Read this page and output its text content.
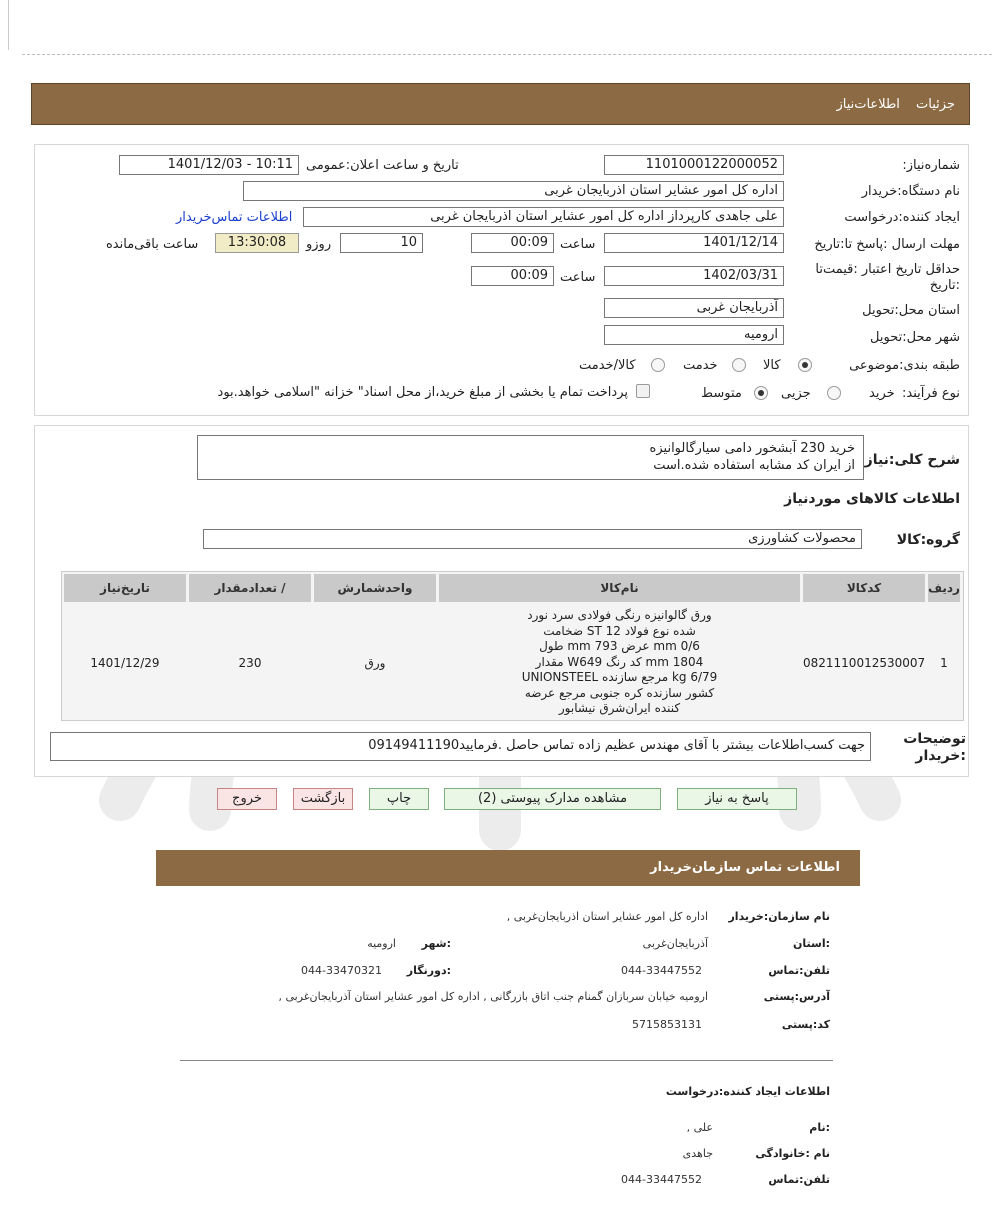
جزئیات اطلاعات‌نیاز
شماره‌نیاز:
1101000122000052
تاریخ و ساعت اعلان:عمومی
1401/12/03 - 10:11
نام دستگاه‌:خریدار
اداره کل امور عشایر استان اذربایجان غربی
ایجاد کننده:درخواست
علی جاهدی کارپرداز اداره کل امور عشایر استان اذربایجان غربی
اطلاعات تماس‌خریدار
مهلت ارسال :پاسخ تا:تاریخ
1401/12/14
ساعت
00:09
10
روزو
13:30:08
ساعت باقی‌مانده
حداقل تاریخ اعتبار :قیمت‌تا
:تاریخ
1402/03/31
ساعت
00:09
استان محل:تحویل
آذربایجان غربی
شهر محل:تحویل
ارومیه
طبقه بندی:موضوعی
کالا
خدمت
کالا/خدمت
نوع فرآیند:
خرید
جزیی
متوسط
پرداخت تمام یا بخشی از مبلغ خرید،از محل اسناد" خزانه "اسلامی خواهد.بود
شرح کلی:نیاز
خرید 230 آبشخور دامی سیارگالوانیزه
از ایران کد مشابه استفاده شده.است
اطلاعات کالاهای موردنیاز
گروه:کالا
محصولات کشاورزی
ردیف
کدکالا
نام‌کالا
واحدشمارش
تعدادمقدار /
تاریخ‌نیاز
1
0821110012530007
ورق گالوانیزه رنگی فولادی سرد نورد
شده نوع فولاد ST 12 ضخامت
0/6 mm عرض 793 mm طول
1804 mm کد رنگ W649 مقدار
6/79 kg مرجع سازنده UNIONSTEEL
کشور سازنده کره جنوبی مرجع عرضه
کننده ایران‌شرق نیشابور
ورق
230
1401/12/29
توضیحات
:خریدار
جهت کسب‌اطلاعات بیشتر با آقای مهندس عظیم زاده تماس حاصل .فرمایید09149411190
پاسخ به نیاز
مشاهده مدارک پیوستی (2)
چاپ
بازگشت
خروج
اطلاعات تماس سازمان‌خریدار
نام سازمان:خریدار
اداره کل امور عشایر استان اذربایجان‌غربی ,
:استان
آذربایجان‌غربی
:شهر
ارومیه
تلفن:تماس
044-33447552
:دورنگار
044-33470321
آدرس:پستی
ارومیه خیابان سربازان گمنام جنب اتاق بازرگانی , اداره کل امور عشایر استان آذربایجان‌غربی ,
کد:پستی
5715853131
اطلاعات ایجاد کننده:درخواست
:نام
علی ,
نام :خانوادگی
جاهدی
تلفن:تماس
044-33447552
